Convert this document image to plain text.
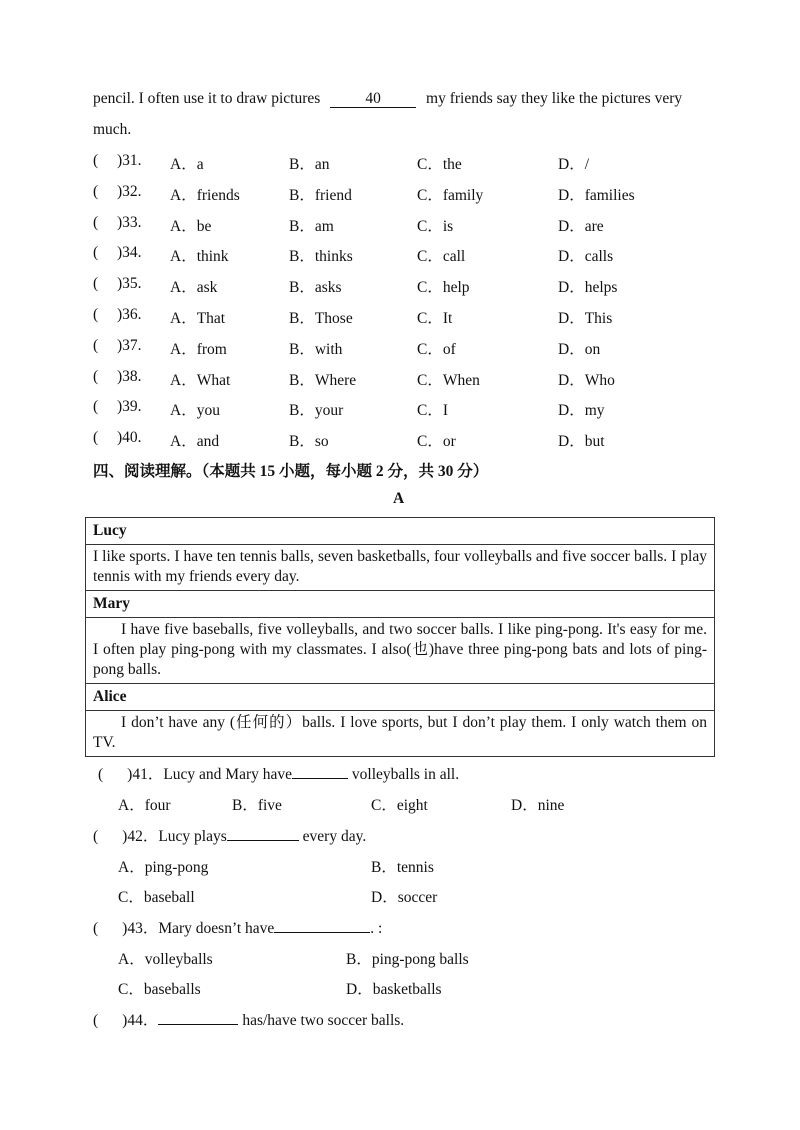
pencil. I often use it to draw pictures	40	my friends say they like the pictures very
much.
( )31. A．a	B．an	C．the	D．/
( )32. A．friends	B．friend	C．family	D．families
( )33. A．be	B．am	C．is	D．are
( )34. A．think	B．thinks	C．call	D．calls
( )35. A．ask	B．asks	C．help	D．helps
( )36. A．That	B．Those	C．It	D．This
( )37. A．from	B．with	C．of	D．on
( )38. A．What	B．Where	C．When	D．Who
( )39. A．you	B．your	C．I	D．my
( )40. A．and	B．so	C．or	D．but
四、阅读理解。（本题共 15 小题，每小题 2 分，共 30 分）
A
Lucy
I like sports. I have ten tennis balls, seven basketballs, four volleyballs and five soccer balls. I play tennis with my friends every day.
Mary
I have five baseballs, five volleyballs, and two soccer balls. I like ping-pong. It's easy for me. I often play ping-pong with my classmates. I also(也)have three ping-pong bats and lots of ping-pong balls.
Alice
I don’t have any (任何的）balls. I love sports, but I don’t play them. I only watch them on TV.
( )41．Lucy and Mary have	volleyballs in all.
A．four	B．five	C．eight	D．nine
( )42．Lucy plays	every day.
A．ping-pong	B．tennis
C．baseball	D．soccer
( )43．Mary doesn’t have	. :
A．volleyballs	B．ping-pong balls
C．baseballs	D．basketballs
( )44．	has/have two soccer balls.
